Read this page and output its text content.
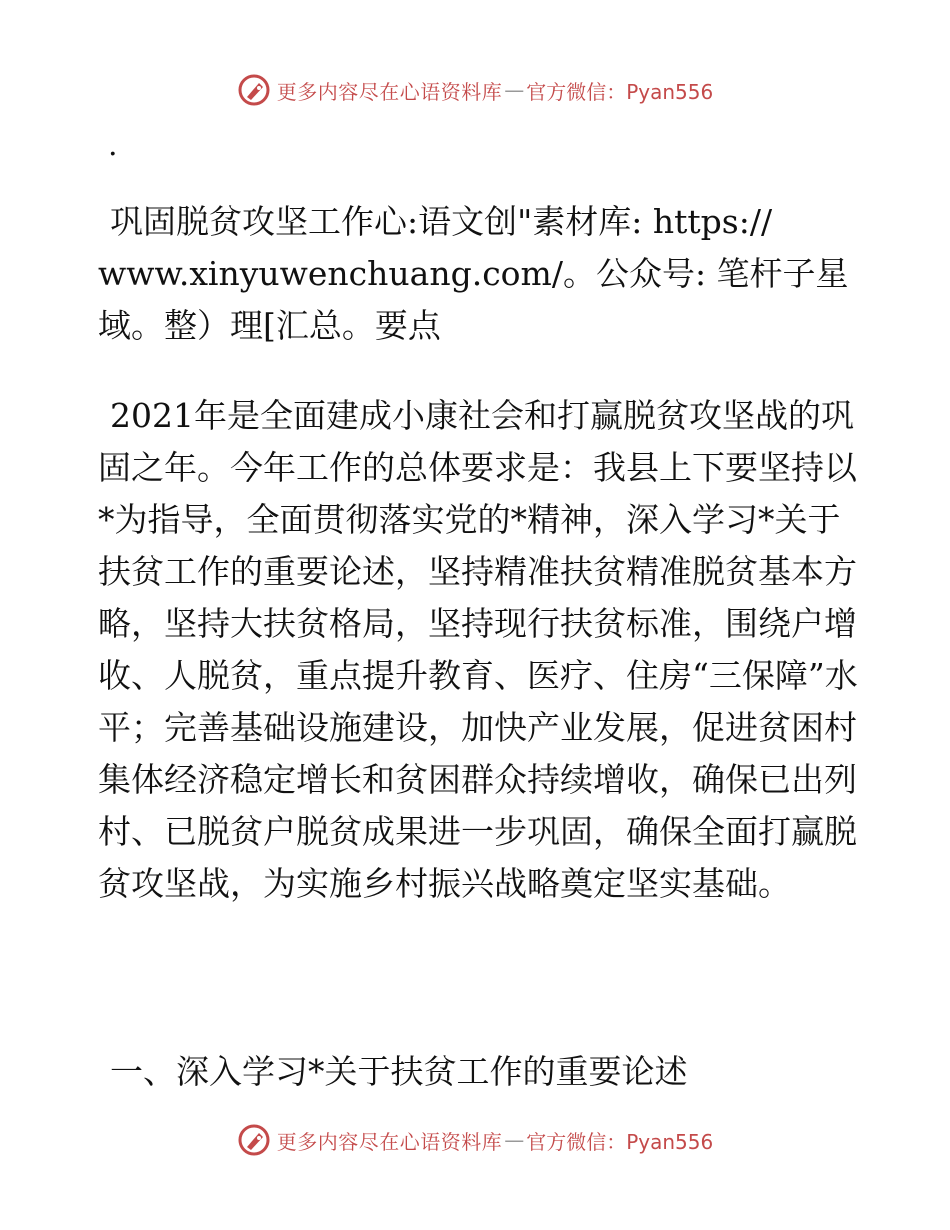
更多内容尽在心语资料库 — 官方微信：Pyan556
.
巩固脱贫攻坚工作心:语文创"素材库: https:// www.xinyuwenchuang.com/。公众号: 笔杆子星域。整）理[汇总。要点
2021年是全面建成小康社会和打赢脱贫攻坚战的巩固之年。今年工作的总体要求是：我县上下要坚持以*为指导，全面贯彻落实党的*精神，深入学习*关于扶贫工作的重要论述，坚持精准扶贫精准脱贫基本方略，坚持大扶贫格局，坚持现行扶贫标准，围绕户增收、人脱贫，重点提升教育、医疗、住房“三保障”水平；完善基础设施建设，加快产业发展，促进贫困村集体经济稳定增长和贫困群众持续增收，确保已出列村、已脱贫户脱贫成果进一步巩固，确保全面打赢脱贫攻坚战，为实施乡村振兴战略奠定坚实基础。
一、深入学习*关于扶贫工作的重要论述
更多内容尽在心语资料库 — 官方微信：Pyan556
